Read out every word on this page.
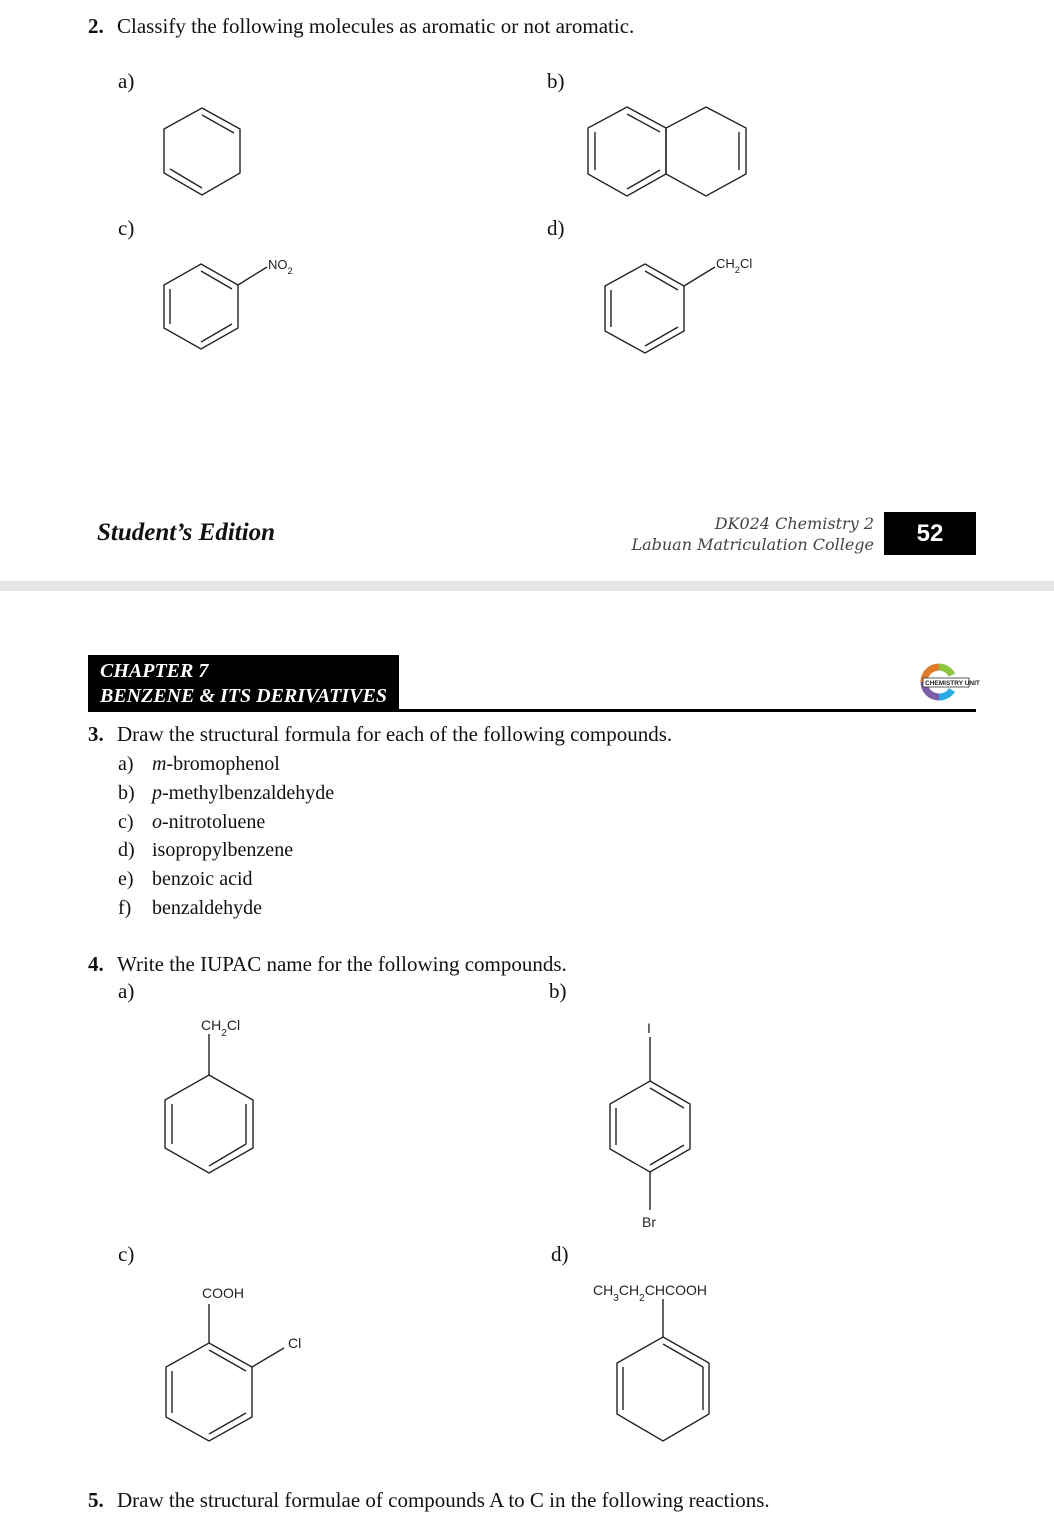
2. Classify the following molecules as aromatic or not aromatic.
a)	b)
c)	d)
$NO_2$	$CH_2Cl$
Student’s Edition	DK024 Chemistry 2
Labuan Matriculation College	52
CHAPTER 7
BENZENE & ITS DERIVATIVES
CHEMISTRY UNIT
3. Draw the structural formula for each of the following compounds.
a) m-bromophenol
b) p-methylbenzaldehyde
c) o-nitrotoluene
d) isopropylbenzene
e) benzoic acid
f)	benzaldehyde
4. Write the IUPAC name for the following compounds.
a)	b)
c)	d)
$CH_2Cl$	I
Br
COOH
Cl
$CH_3CH_2CHCOOH$
5. Draw the structural formulae of compounds A to C in the following reactions.
